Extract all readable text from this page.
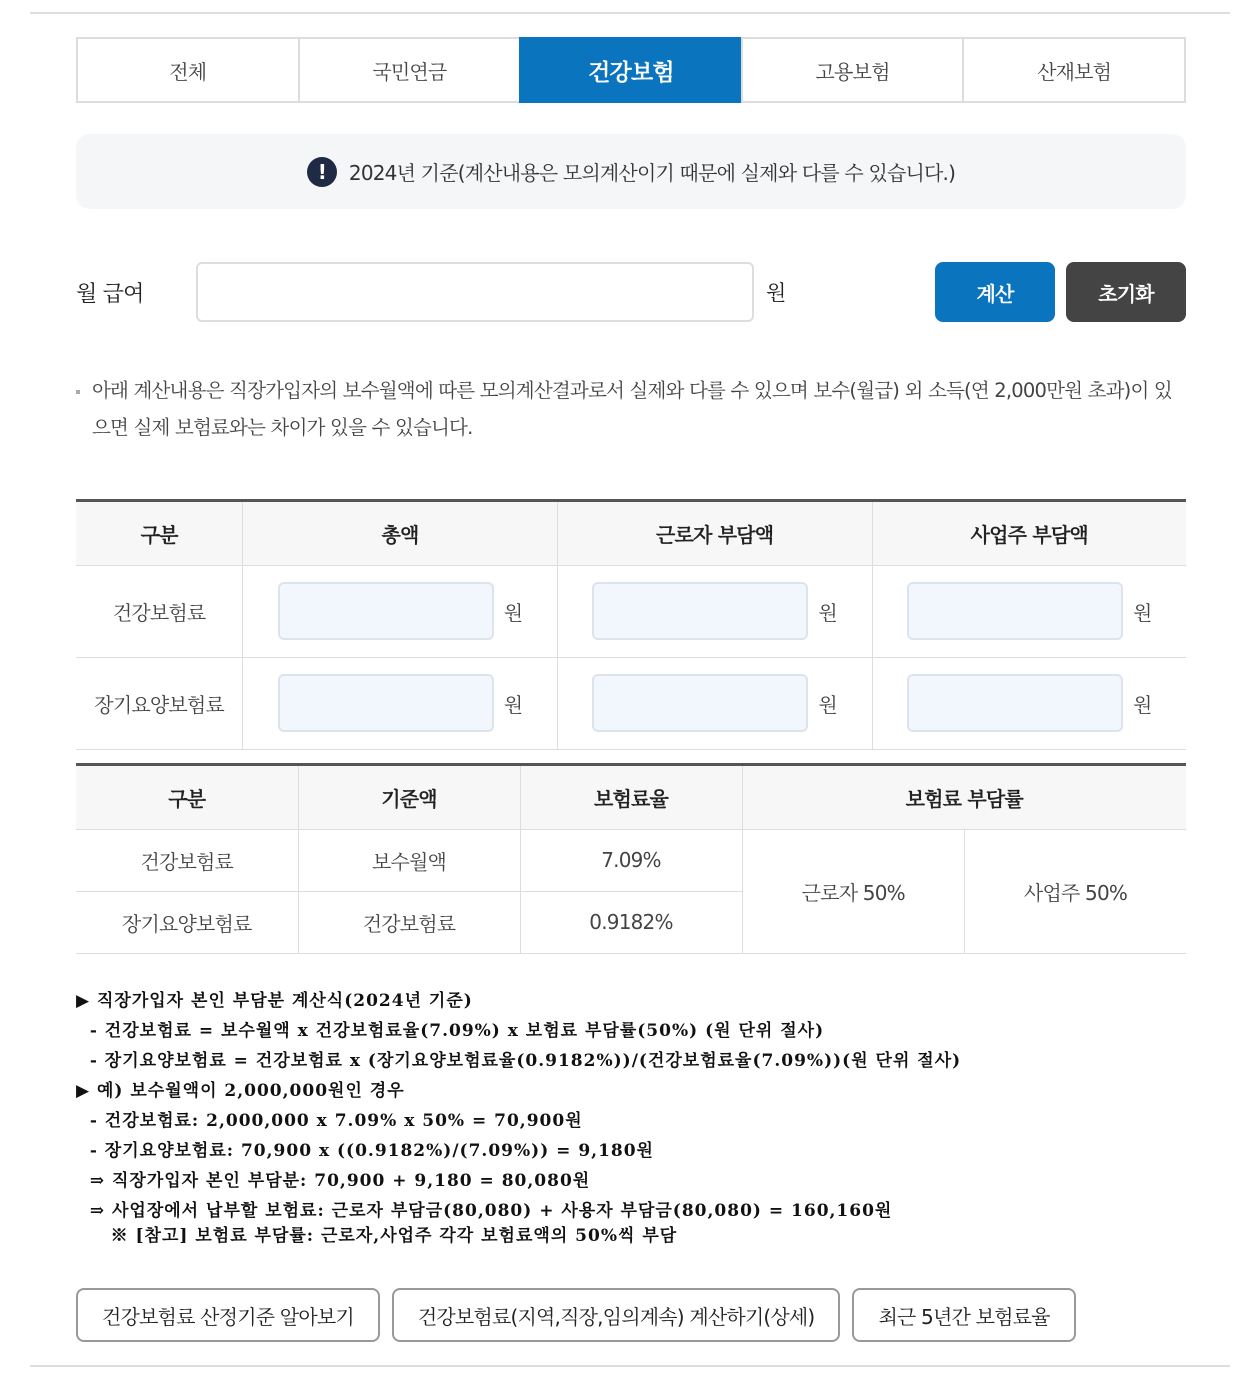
전체	국민연금	건강보험	고용보험	산재보험
!	2024년 기준(계산내용은 모의계산이기 때문에 실제와 다를 수 있습니다.)
월 급여	원	계산	초기화
아래 계산내용은 직장가입자의 보수월액에 따른 모의계산결과로서 실제와 다를 수 있으며 보수(월급) 외 소득(연 2,000만원 초과)이 있으면 실제 보험료와는 차이가 있을 수 있습니다.
구분	총액	근로자 부담액	사업주 부담액
건강보험료	원	원	원

장기요양보험료	원	원	원
구분	기준액	보험료율	보험료 부담률	
건강보험료	보수월액	7.09%	근로자 50%	사업주 50%
장기요양보험료	건강보험료	0.9182%		
▶ 직장가입자 본인 부담분 계산식(2024년 기준)
- 건강보험료 = 보수월액 x 건강보험료율(7.09%) x 보험료 부담률(50%) (원 단위 절사)
- 장기요양보험료 = 건강보험료 x (장기요양보험료율(0.9182%))/(건강보험료율(7.09%))(원 단위 절사)
▶ 예) 보수월액이 2,000,000원인 경우
- 건강보험료: 2,000,000 x 7.09% x 50% = 70,900원
- 장기요양보험료: 70,900 x ((0.9182%)/(7.09%)) = 9,180원
⇒ 직장가입자 본인 부담분: 70,900 + 9,180 = 80,080원
⇒ 사업장에서 납부할 보험료: 근로자 부담금(80,080) + 사용자 부담금(80,080) = 160,160원
※ [참고] 보험료 부담률: 근로자,사업주 각각 보험료액의 50%씩 부담
건강보험료 산정기준 알아보기	건강보험료(지역,직장,임의계속) 계산하기(상세)	최근 5년간 보험료율
